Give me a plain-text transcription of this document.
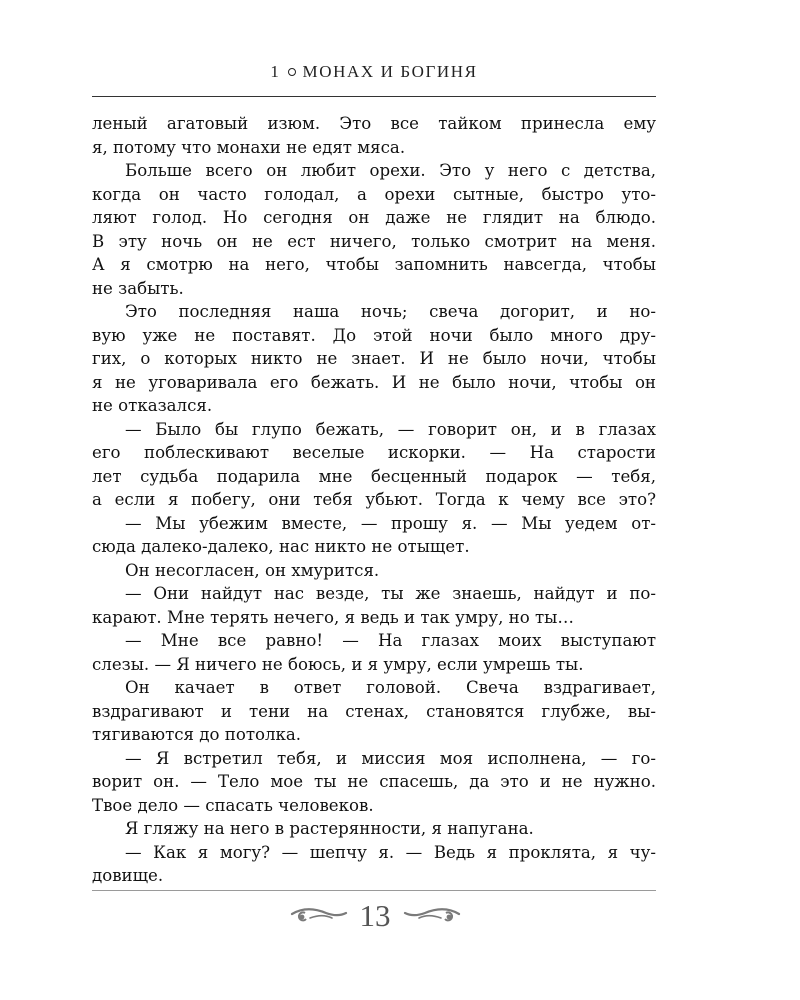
1 МОНАХ И БОГИНЯ
леный агатовый изюм. Это все тайком принесла ему
я, потому что монахи не едят мяса.
Больше всего он любит орехи. Это у него с детства,
когда он часто голодал, а орехи сытные, быстро уто-
ляют голод. Но сегодня он даже не глядит на блюдо.
В эту ночь он не ест ничего, только смотрит на меня.
А я смотрю на него, чтобы запомнить навсегда, чтобы
не забыть.
Это последняя наша ночь; свеча догорит, и но-
вую уже не поставят. До этой ночи было много дру-
гих, о которых никто не знает. И не было ночи, чтобы
я не уговаривала его бежать. И не было ночи, чтобы он
не отказался.
— Было бы глупо бежать, — говорит он, и в глазах
его поблескивают веселые искорки. — На старости
лет судьба подарила мне бесценный подарок — тебя,
а если я побегу, они тебя убьют. Тогда к чему все это?
— Мы убежим вместе, — прошу я. — Мы уедем от-
сюда далеко-далеко, нас никто не отыщет.
Он несогласен, он хмурится.
— Они найдут нас везде, ты же знаешь, найдут и по-
карают. Мне терять нечего, я ведь и так умру, но ты…
— Мне все равно! — На глазах моих выступают
слезы. — Я ничего не боюсь, и я умру, если умрешь ты.
Он качает в ответ головой. Свеча вздрагивает,
вздрагивают и тени на стенах, становятся глубже, вы-
тягиваются до потолка.
— Я встретил тебя, и миссия моя исполнена, — го-
ворит он. — Тело мое ты не спасешь, да это и не нужно.
Твое дело — спасать человеков.
Я гляжу на него в растерянности, я напугана.
— Как я могу? — шепчу я. — Ведь я проклята, я чу-
довище.
13
